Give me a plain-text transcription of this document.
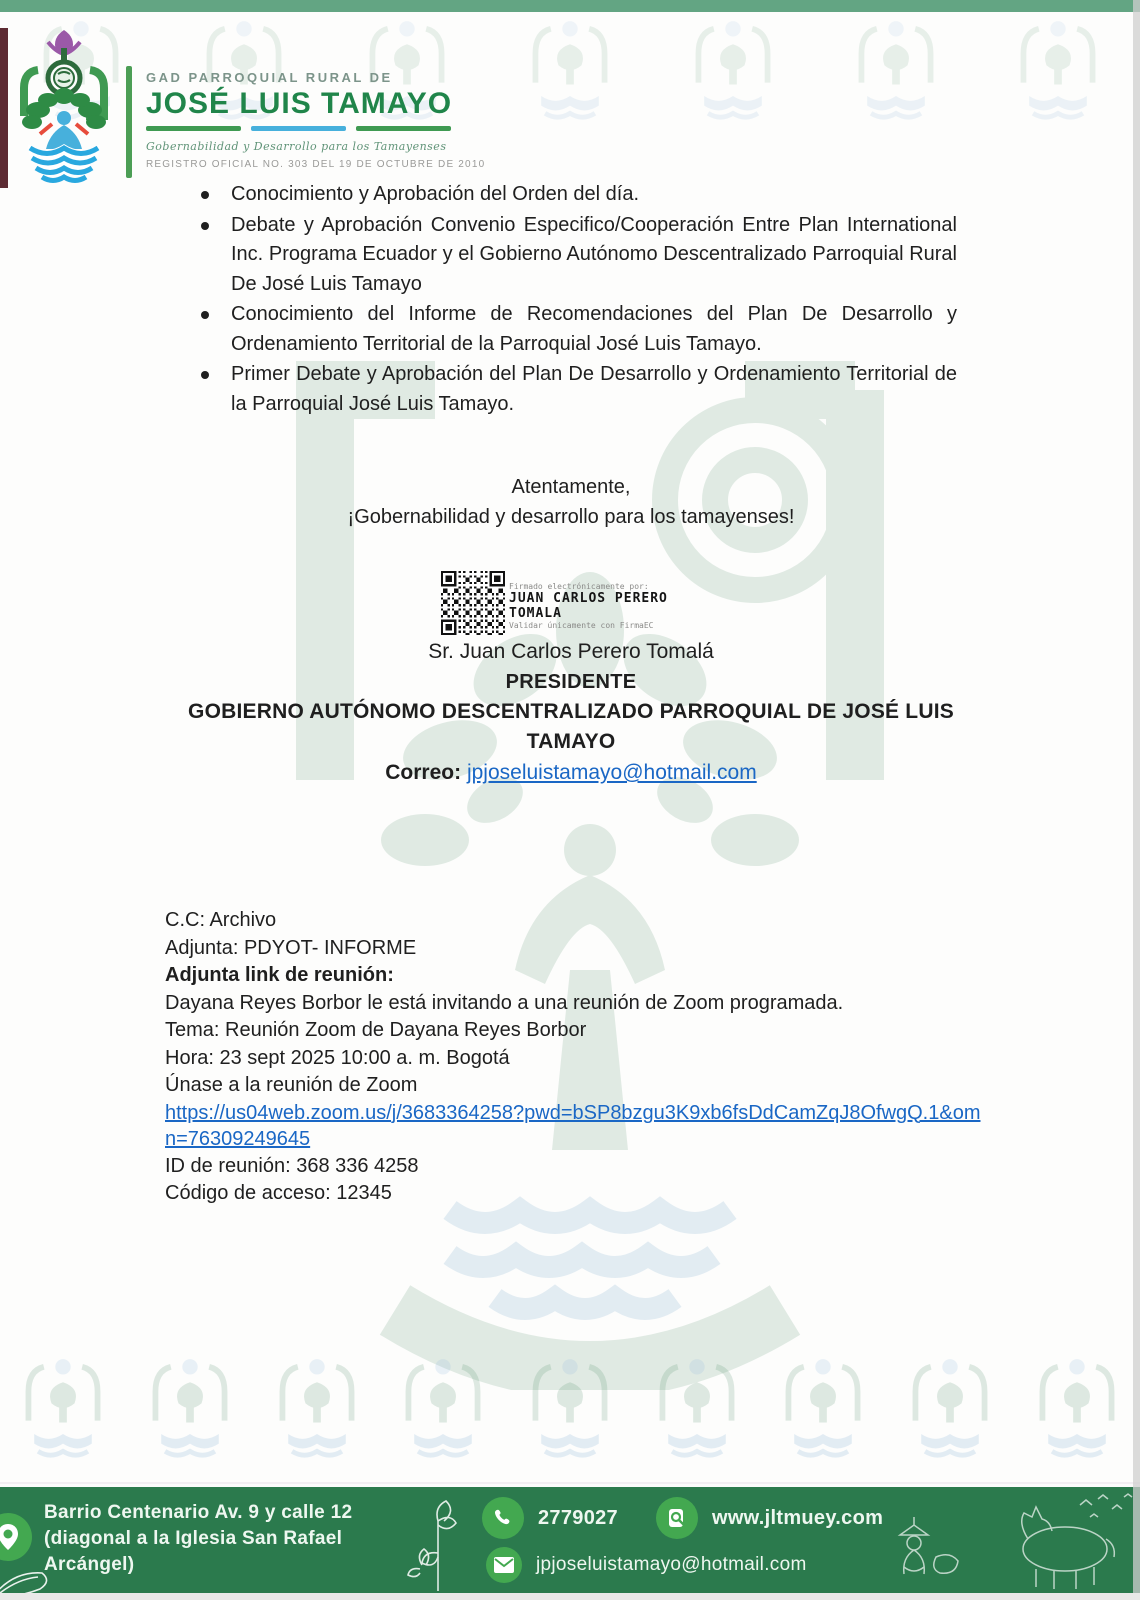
GAD PARROQUIAL RURAL DE
JOSÉ LUIS TAMAYO
Gobernabilidad y Desarrollo para los Tamayenses
REGISTRO OFICIAL NO. 303 DEL 19 DE OCTUBRE DE 2010
Conocimiento y Aprobación del Orden del día.
Debate y Aprobación Convenio Especifico/Cooperación Entre Plan International Inc. Programa Ecuador y el Gobierno Autónomo Descentralizado Parroquial Rural De José Luis Tamayo
Conocimiento del Informe de Recomendaciones del Plan De Desarrollo y Ordenamiento Territorial de la Parroquial José Luis Tamayo.
Primer Debate y Aprobación del Plan De Desarrollo y Ordenamiento Territorial de la Parroquial José Luis Tamayo.
Atentamente,
¡Gobernabilidad y desarrollo para los tamayenses!
Firmado electrónicamente por:
JUAN CARLOS PERERO TOMALA
Validar únicamente con FirmaEC
Sr. Juan Carlos Perero Tomalá
PRESIDENTE
GOBIERNO AUTÓNOMO DESCENTRALIZADO PARROQUIAL DE JOSÉ LUIS TAMAYO
Correo: jpjoseluistamayo@hotmail.com
C.C: Archivo
Adjunta: PDYOT- INFORME
Adjunta link de reunión:
Dayana Reyes Borbor le está invitando a una reunión de Zoom programada.
Tema: Reunión Zoom de Dayana Reyes Borbor
Hora: 23 sept 2025 10:00 a. m. Bogotá
Únase a la reunión de Zoom
https://us04web.zoom.us/j/3683364258?pwd=bSP8bzgu3K9xb6fsDdCamZqJ8OfwgQ.1&omn=76309249645
ID de reunión: 368 336 4258
Código de acceso: 12345
Barrio Centenario Av. 9 y calle 12 (diagonal a la Iglesia San Rafael Arcángel)
2779027	www.jltmuey.com
jpjoseluistamayo@hotmail.com
